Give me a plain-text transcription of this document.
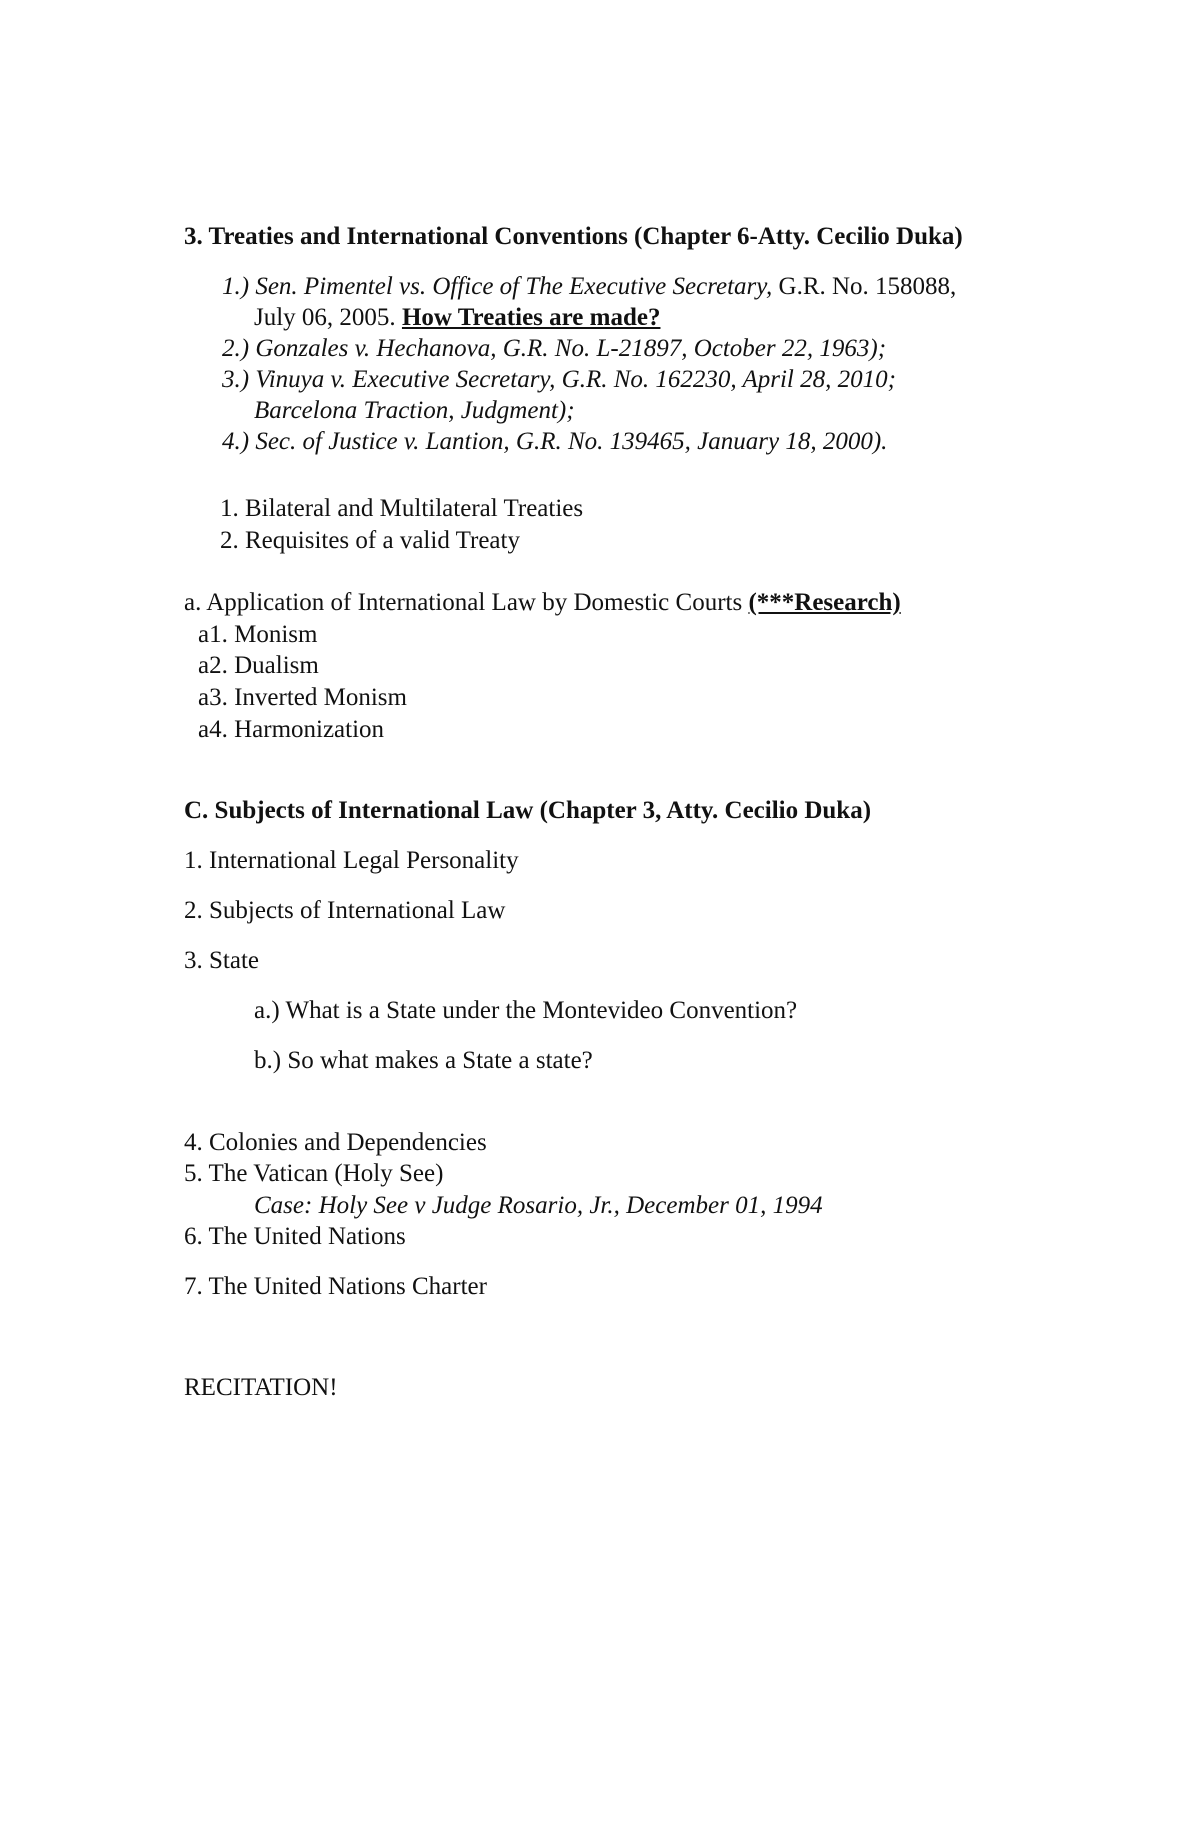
3. Treaties and International Conventions (Chapter 6-Atty. Cecilio Duka)
1.) Sen. Pimentel vs. Office of The Executive Secretary, G.R. No. 158088,
July 06, 2005. How Treaties are made?
2.) Gonzales v. Hechanova, G.R. No. L-21897, October 22, 1963);
3.) Vinuya v. Executive Secretary, G.R. No. 162230, April 28, 2010;
Barcelona Traction, Judgment);
4.) Sec. of Justice v. Lantion, G.R. No. 139465, January 18, 2000).
1. Bilateral and Multilateral Treaties
2. Requisites of a valid Treaty
a. Application of International Law by Domestic Courts (***Research)
a1. Monism
a2. Dualism
a3. Inverted Monism
a4. Harmonization
C. Subjects of International Law (Chapter 3, Atty. Cecilio Duka)
1. International Legal Personality
2. Subjects of International Law
3. State
a.) What is a State under the Montevideo Convention?
b.) So what makes a State a state?
4. Colonies and Dependencies
5. The Vatican (Holy See)
Case: Holy See v Judge Rosario, Jr., December 01, 1994
6. The United Nations
7. The United Nations Charter
RECITATION!
